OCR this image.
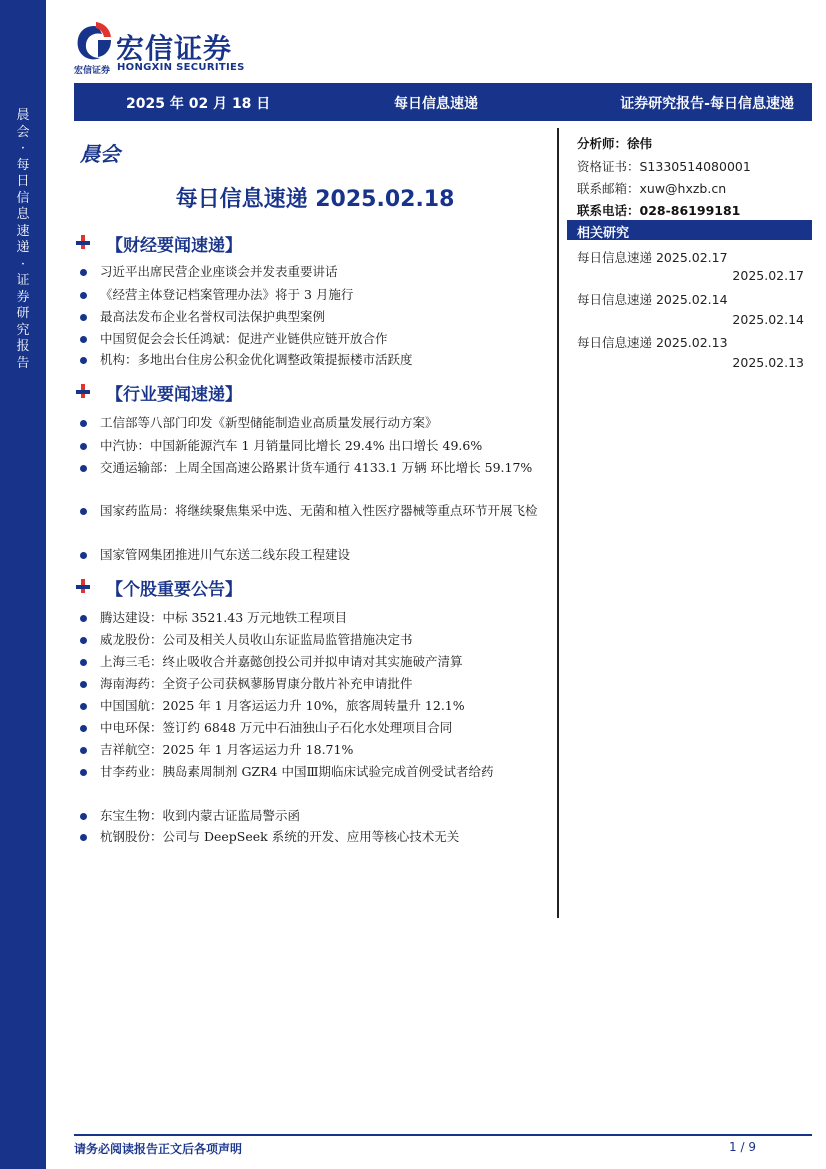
晨会·每日信息速递·证券研究报告
宏信证券
宏信证券 HONGXIN SECURITIES
2025 年 02 月 18 日	每日信息速递	证券研究报告-每日信息速递
晨会
每日信息速递 2025.02.18
【财经要闻速递】
习近平出席民营企业座谈会并发表重要讲话
《经营主体登记档案管理办法》将于 3 月施行
最高法发布企业名誉权司法保护典型案例
中国贸促会会长任鸿斌：促进产业链供应链开放合作
机构：多地出台住房公积金优化调整政策提振楼市活跃度
【行业要闻速递】
工信部等八部门印发《新型储能制造业高质量发展行动方案》
中汽协：中国新能源汽车 1 月销量同比增长 29.4% 出口增长 49.6%
交通运输部：上周全国高速公路累计货车通行 4133.1 万辆 环比增长 59.17%
国家药监局：将继续聚焦集采中选、无菌和植入性医疗器械等重点环节开展飞检
国家管网集团推进川气东送二线东段工程建设
【个股重要公告】
腾达建设：中标 3521.43 万元地铁工程项目
威龙股份：公司及相关人员收山东证监局监管措施决定书
上海三毛：终止吸收合并嘉懿创投公司并拟申请对其实施破产清算
海南海药：全资子公司获枫蓼肠胃康分散片补充申请批件
中国国航：2025 年 1 月客运运力升 10%，旅客周转量升 12.1%
中电环保：签订约 6848 万元中石油独山子石化水处理项目合同
吉祥航空：2025 年 1 月客运运力升 18.71%
甘李药业：胰岛素周制剂 GZR4 中国Ⅲ期临床试验完成首例受试者给药
东宝生物：收到内蒙古证监局警示函
杭钢股份：公司与 DeepSeek 系统的开发、应用等核心技术无关
分析师：徐伟
资格证书：S1330514080001
联系邮箱：xuw@hxzb.cn
联系电话：028-86199181
相关研究
每日信息速递 2025.02.17
2025.02.17
每日信息速递 2025.02.14
2025.02.14
每日信息速递 2025.02.13
2025.02.13
请务必阅读报告正文后各项声明	1 / 9
